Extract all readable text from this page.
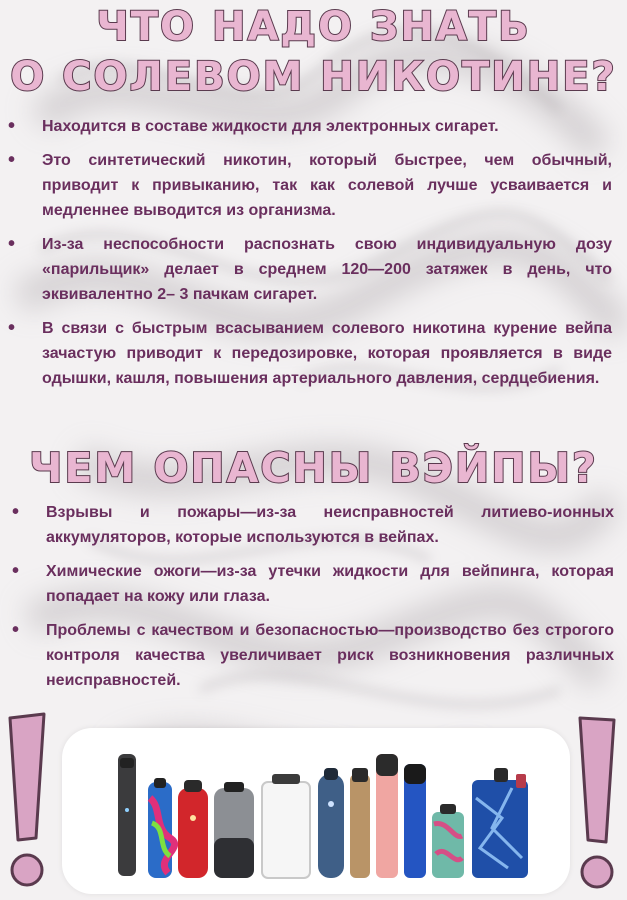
ЧТО НАДО ЗНАТЬ
О СОЛЕВОМ НИКОТИНЕ?
• Находится в составе жидкости для электронных сигарет.
• Это синтетический никотин, который быстрее, чем обычный, приводит к привыканию, так как солевой лучше усваивается и медленнее выводится из организма.
• Из-за неспособности распознать свою индивидуальную дозу «парильщик» делает в среднем 120—200 затяжек в день, что эквивалентно 2– 3 пачкам сигарет.
• В связи с быстрым всасыванием солевого никотина курение вейпа зачастую приводит к передозировке, которая проявляется в виде одышки, кашля, повышения артериального давления, сердцебиения.
ЧЕМ ОПАСНЫ ВЭЙПЫ?
• Взрывы и пожары—из-за неисправностей литиево-ионных аккумуляторов, которые используются в вейпах.
• Химические ожоги—из-за утечки жидкости для вейпинга, которая попадает на кожу или глаза.
• Проблемы с качеством и безопасностью—производство без строгого контроля качества увеличивает риск возникновения различных неисправностей.
